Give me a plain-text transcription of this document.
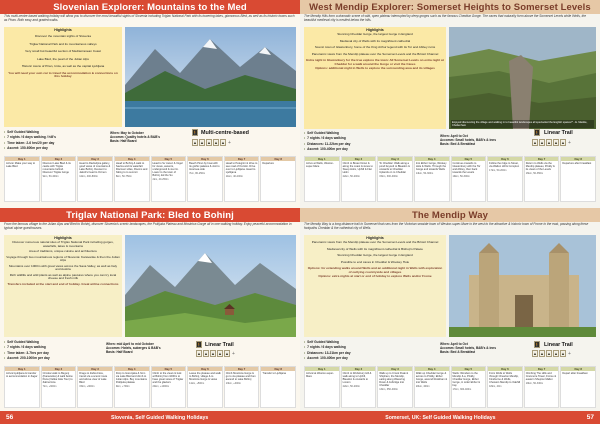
Slovenian Explorer: Mountains to the Med
This multi-centre based walking holiday will allow you to discover the most beautiful sights of Slovenia including Triglav National Park with its towering lakes, glamorous Bled, as well as its historic towns such as Piran. Both easy and graded walks.
Highlights
Discover the mountain sights of Slovenia
Triglav National Park and its mountainous valleys
Very small but beautiful section of Mediterranean Coast
Lake Bled, the pearl of the Julian Alps
Historic towns of Piran, Izola, as well as the capital Ljubljana
You will need your own car to travel the accommodation & connections on this holiday
• Self Guided Walking
• 7 nights / 6 days walking / hill's
• Time taken: 2-6 hrs/20 per day
• Ascent: 150-600m per day
When: May to October
Accomm: Quality hotels & B&B's
Basis: Half Board
🚶 Multi-centre-based
▲ ▲ ▲ ▲ ▲ +
Day 1
Arrival. Make your way to Lake Bled
Day 2
Discover Lake Bled & its castle with Triglav mountains behind. Discover Triglav Gorge
9km, 50-400m
Day 3
Head to Radovljica gallery, good views of mountains & Lake Bohinj. Descent to Jakob's head to Ozmen
12km, 400-800m
Day 4
Head to Bohinj & walk to Savica and its waterfall. Discover stiles, Rooms and hiking to to summit
8km, 50-750m
Day 5
Head to Sv Janez & Vogel for views, ascents, underground & via rim. Lower to the town of Bohinj. Ed the Su
2km, 40-250m
Day 6
Beach Piran by boat with its gothic palaces & visit to local sea side
7km, 80-250m
Day 7
Head to Pelegrini & drive to see road of Kozolci. Drive over to Ljubljana. Head to Ljubljana
11km, 40-200m
Day 8
Departure
Triglav National Park: Bled to Bohinj
From the famous village to the Julian Alps and Bled to Bohinj, discover Slovenia's scenic landscapes, the Pokljuka Plateau and Mostnica Gorge all in one walking holiday. Enjoy peaceful accommodation in typical alpine guesthouses.
Highlights
Discover numerous natural sites of Triglav National Park including gorges, waterfalls, lakes & mountains
Area of traditions, unique cuisine and architecture
Voyage through two mountainous regions of Slovenia: Karavanke & then the Julian Alps
Mountains over 1000m with great views across the Sava Valley, as well as Italy and Austria
Rich wildlife and wild plants as well as alpine pastures where you can try local cheese and fresh milk
Transfers included at the start and end of holiday. Great airline connections
• Self Guided Walking
• 7 nights / 6 days walking
• Time taken: 3-7hrs per day
• Ascent: 200-1000m per day
When: mid April to mid October
Accomm: Hotels, auberges & B&B's
Basis: Half Board
🚶 Linear Trail
▲ ▲ ▲ ▲ ▲ +
Day 1
Arrival Ljubljana & transfer to accommodation in Zagar
Day 2
Circular walk to Begunj (Karavanke) & walk below Peca (Velika Glav Tour) to Zabreznica
7km, +600m
Day 3
Dragu to Zabreznica, transit via a scenic route and above view of Lake Bled
15km, +900m
Day 4
Drop to Gorenjska & from via Lake Bled and climb to Julian Alps. Buy mountains Pokljuka plateau
9km, +700m
Day 5
Climb to the views & look at Bohinj from 1000m to have great views of Triglav and the glaciers
20km, +1000m
Day 6
Leave the plateau and walk to Bohinj, village & to Mostnica Gorge & views
11km, +500m
Day 7
Climb Mostnica Gorge & go to via plateau and then ascend to Lake Bohinj
13km, +400m
Day 8
Transfer to Ljubljana
56	Slovenia, Self Guided Walking Holidays
West Mendip Explorer: Somerset Heights to Somerset Levels
The Mendip Hills form a dramatic scene of wild, open plateau interrupted by deep gorges such as the famous Cheddar Gorge. The caves that naturally form above the Somerset Levels while Wells, the beautiful medieval city is nestled below the hills.
Highlights
Stunning Cheddar Gorge, the largest Gorge in England
Medieval city of Wells with its magnificent cathedral
Scenic town of Glastonbury, home of the King Arthur legend with its Tor and Abbey ruins
Panoramic views from the Mendip plateau over the Somerset Levels and the Bristol Channel
Extra night in Glastonbury for the true explore the town: All Somerset Levels on extra night at Cheddar for a walk around the Gorge or visit the Caves
Options: additional night in Wells to explore the surrounding area and its villages
Enjoyed discovering the village and walking in to beautiful landscapes all spectacled the English spaces?' - E. Mackie, Cheltenham
• Self Guided Walking
• 7 nights / 6 days walking
• Distances: 11-22km per day
• Ascent: 100-400m per day
When: April to Oct
Accomm: Small hotels, B&B's & inns
Basis: Bed & Breakfast
🚶 Linear Trail
▲ ▲ ▲ ▲ ▲ +
Day 1
Arrive at Wells, Weston-super-Mare
Day 2
Climb to Brean Down & along the coast & views to Steep Holm, Uphill & Flat Holm
22km, 50-200m
Day 3
To Cheddar: Walk along a pond beyond to Bleadon & onwards to Cheddar. Uplands on to Cheddar
15km, 300-400m
Day 4
Into Ebbor Gorge, Wookey Hole & Wells. Through the Gorge and towards Wells
14km, 50-300m
Day 5
Continue onwards to Glastonbury with the Tor and Abbey, then back towards the Levels
19km, 50-300m
Day 6
Follow the ridge to Street, via Walton Hill & Compton
17km, 50-200m
Day 7
Return to Wells via the Mendip plateau, Priddy & its views of the Levels
16km, 50-350m
Day 8
Departure after breakfast
The Mendip Way
The Mendip Way is a long distance trail in Somerset that runs from the Victorian seaside town of Weston-super-Mare in the west to the attractive & historic town of Frome in the east, passing along these footpaths Cheddar & the cathedral city of Wells.
Highlights
Panoramic views from the Mendip plateau over the Somerset Levels and the Bristol Channel
Medieval city of Wells with its magnificent cathedral & Bishop's Palace
Stunning Cheddar Gorge, the largest Gorge in England
Possible to end caves in Cheddar & Wookey Hole
Options: for extending walks around Wells and an additional night in Wells with exploration of outlying countryside and villages
Options: extra nights at start or end of holiday to explore Wells and/or Frome
• Self Guided Walking
• 7 nights / 6 days walking
• Distances: 13-21km per day
• Ascent: 100-400m per day
When: April to Oct
Accomm: Small hotels, B&B's & inns
Basis: Bed & Breakfast
🚶 Linear Trail
▲ ▲ ▲ ▲ ▲ +
Day 1
Arrival at Weston-super-Mare
Day 2
Climb to Worlebury Hill & walk along to Uphill, Bleadon & onwards to Loxton
22km, 50-200m
Day 3
Walk up to Crook Peak & Shipham, the Mendip, eating along Wavering Down & Axbridge into Cheddar
13km, 350-400m
Day 4
Walk up Cheddar Gorge & across to Priddy, Ebbor Gorge, ascend Rookham & into Wells
20km, 400m
Day 5
Wells: Wonders to the Mendip & a, Priddy, Cheddar Gorge, Ebbor Gorge, in order Ebbor & bay
17km, 300-400m
Day 6
From Wells to Wells through Chewton Mendip, Kinsburne & Wells, Chewton Mendip to Oakhill
18km, 40m
Day 7
Climbing The Hills and Cranmore Tower, Frome & eastern Shepton Mallet
19km, 50-330m
Day 8
Depart after breakfast
Somerset, UK: Self Guided Walking Holidays	57
